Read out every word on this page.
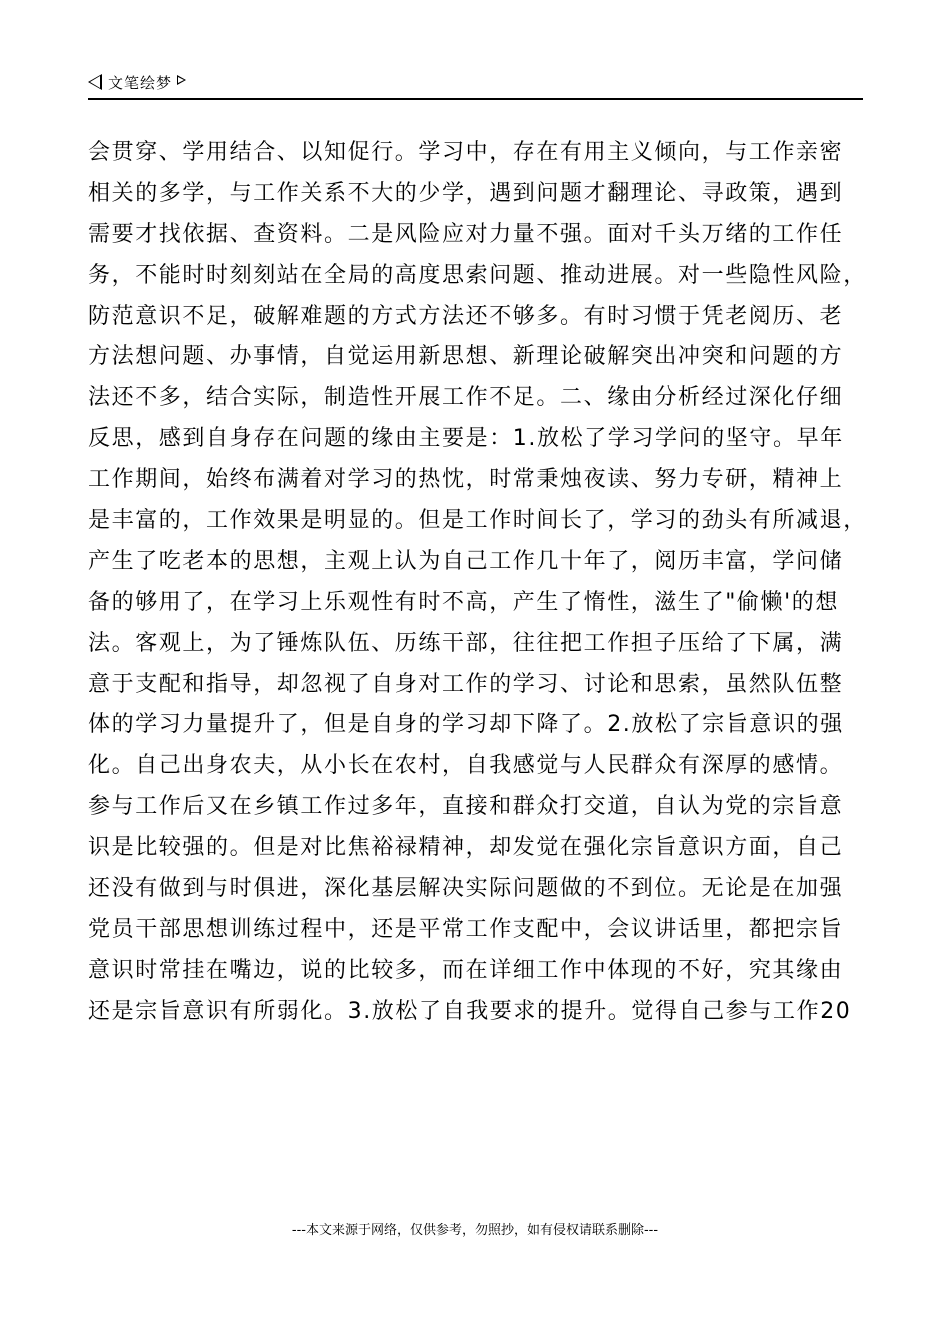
文笔绘梦
会贯穿、学用结合、以知促行。学习中，存在有用主义倾向，与工作亲密
相关的多学，与工作关系不大的少学，遇到问题才翻理论、寻政策，遇到
需要才找依据、查资料。二是风险应对力量不强。面对千头万绪的工作任
务，不能时时刻刻站在全局的高度思索问题、推动进展。对一些隐性风险，
防范意识不足，破解难题的方式方法还不够多。有时习惯于凭老阅历、老
方法想问题、办事情，自觉运用新思想、新理论破解突出冲突和问题的方
法还不多，结合实际，制造性开展工作不足。二、缘由分析经过深化仔细
反思，感到自身存在问题的缘由主要是：1.放松了学习学问的坚守。早年
工作期间，始终布满着对学习的热忱，时常秉烛夜读、努力专研，精神上
是丰富的，工作效果是明显的。但是工作时间长了，学习的劲头有所减退，
产生了吃老本的思想，主观上认为自己工作几十年了，阅历丰富，学问储
备的够用了，在学习上乐观性有时不高，产生了惰性，滋生了"偷懒'的想
法。客观上，为了锤炼队伍、历练干部，往往把工作担子压给了下属，满
意于支配和指导，却忽视了自身对工作的学习、讨论和思索，虽然队伍整
体的学习力量提升了，但是自身的学习却下降了。2.放松了宗旨意识的强
化。自己出身农夫，从小长在农村，自我感觉与人民群众有深厚的感情。
参与工作后又在乡镇工作过多年，直接和群众打交道，自认为党的宗旨意
识是比较强的。但是对比焦裕禄精神，却发觉在强化宗旨意识方面，自己
还没有做到与时俱进，深化基层解决实际问题做的不到位。无论是在加强
党员干部思想训练过程中，还是平常工作支配中，会议讲话里，都把宗旨
意识时常挂在嘴边，说的比较多，而在详细工作中体现的不好，究其缘由
还是宗旨意识有所弱化。3.放松了自我要求的提升。觉得自己参与工作20
---本文来源于网络，仅供参考，勿照抄，如有侵权请联系删除---
